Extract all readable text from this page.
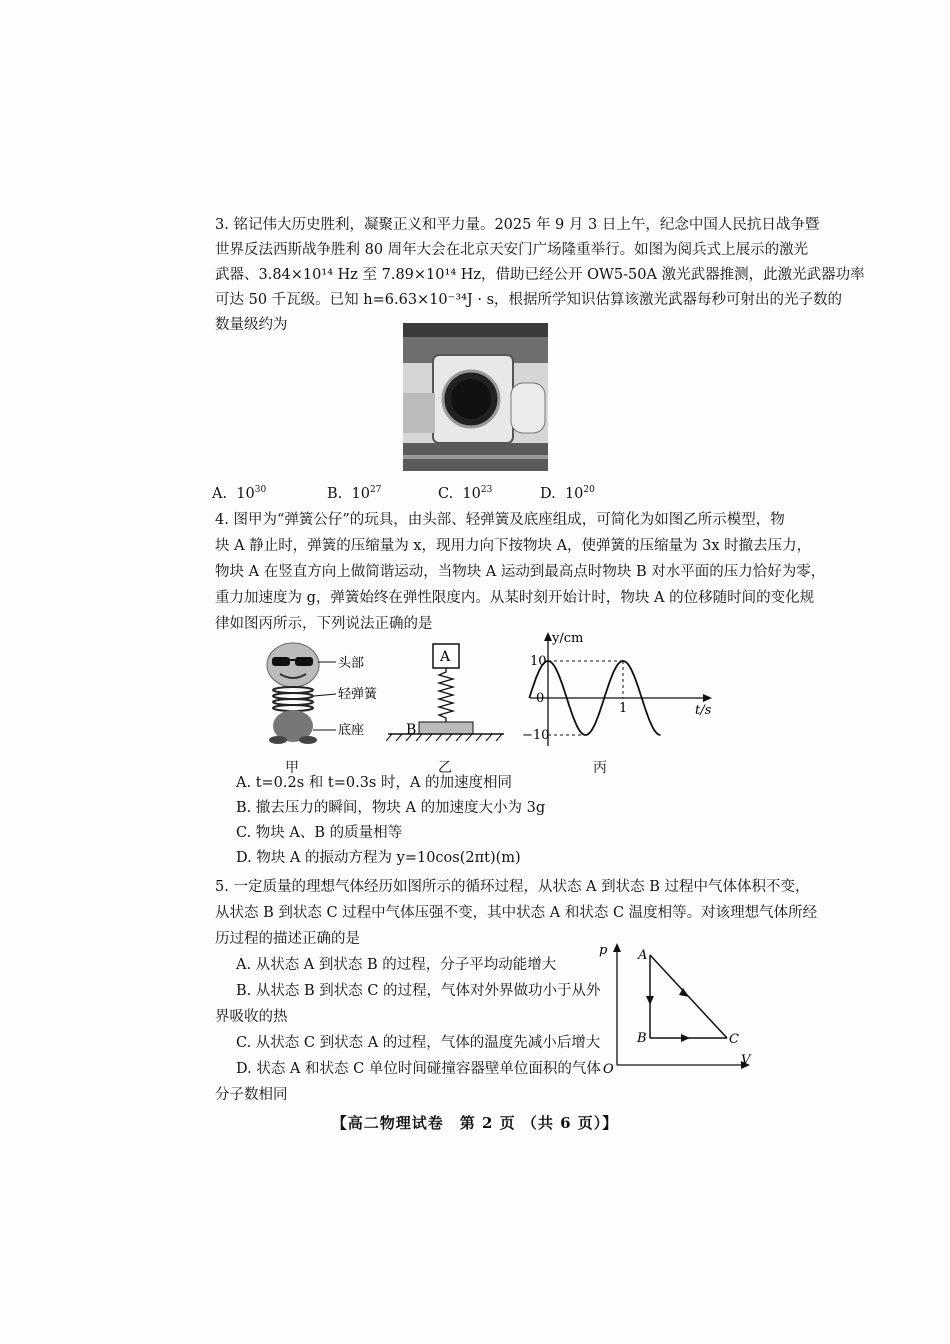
3. 铭记伟大历史胜利，凝聚正义和平力量。2025 年 9 月 3 日上午，纪念中国人民抗日战争暨
世界反法西斯战争胜利 80 周年大会在北京天安门广场隆重举行。如图为阅兵式上展示的激光
武器、3.84×10¹⁴ Hz 至 7.89×10¹⁴ Hz，借助已经公开 OW5-50A 激光武器推测，此激光武器功率
可达 50 千瓦级。已知 h=6.63×10⁻³⁴J · s，根据所学知识估算该激光武器每秒可射出的光子数的
数量级约为
A. $10^{30}$	B. $10^{27}$	C. $10^{23}$	D. $10^{20}$
4. 图甲为“弹簧公仔”的玩具，由头部、轻弹簧及底座组成，可简化为如图乙所示模型，物
块 A 静止时，弹簧的压缩量为 x，现用力向下按物块 A，使弹簧的压缩量为 3x 时撤去压力，
物块 A 在竖直方向上做简谐运动，当物块 A 运动到最高点时物块 B 对水平面的压力恰好为零，
重力加速度为 g，弹簧始终在弹性限度内。从某时刻开始计时，物块 A 的位移随时间的变化规
律如图丙所示，下列说法正确的是
头部
轻弹簧
底座
甲
A
B
乙
y/cm
t/s
10
0
−10
1
丙
A. t=0.2s 和 t=0.3s 时，A 的加速度相同
B. 撤去压力的瞬间，物块 A 的加速度大小为 3g
C. 物块 A、B 的质量相等
D. 物块 A 的振动方程为 y=10cos(2πt)(m)
5. 一定质量的理想气体经历如图所示的循环过程，从状态 A 到状态 B 过程中气体体积不变，
从状态 B 到状态 C 过程中气体压强不变，其中状态 A 和状态 C 温度相等。对该理想气体所经
历过程的描述正确的是
A. 从状态 A 到状态 B 的过程，分子平均动能增大
B. 从状态 B 到状态 C 的过程，气体对外界做功小于从外
界吸收的热
C. 从状态 C 到状态 A 的过程，气体的温度先减小后增大
D. 状态 A 和状态 C 单位时间碰撞容器壁单位面积的气体
分子数相同
p
V
O
A
B	C
【高二物理试卷　第 2 页 （共 6 页）】
